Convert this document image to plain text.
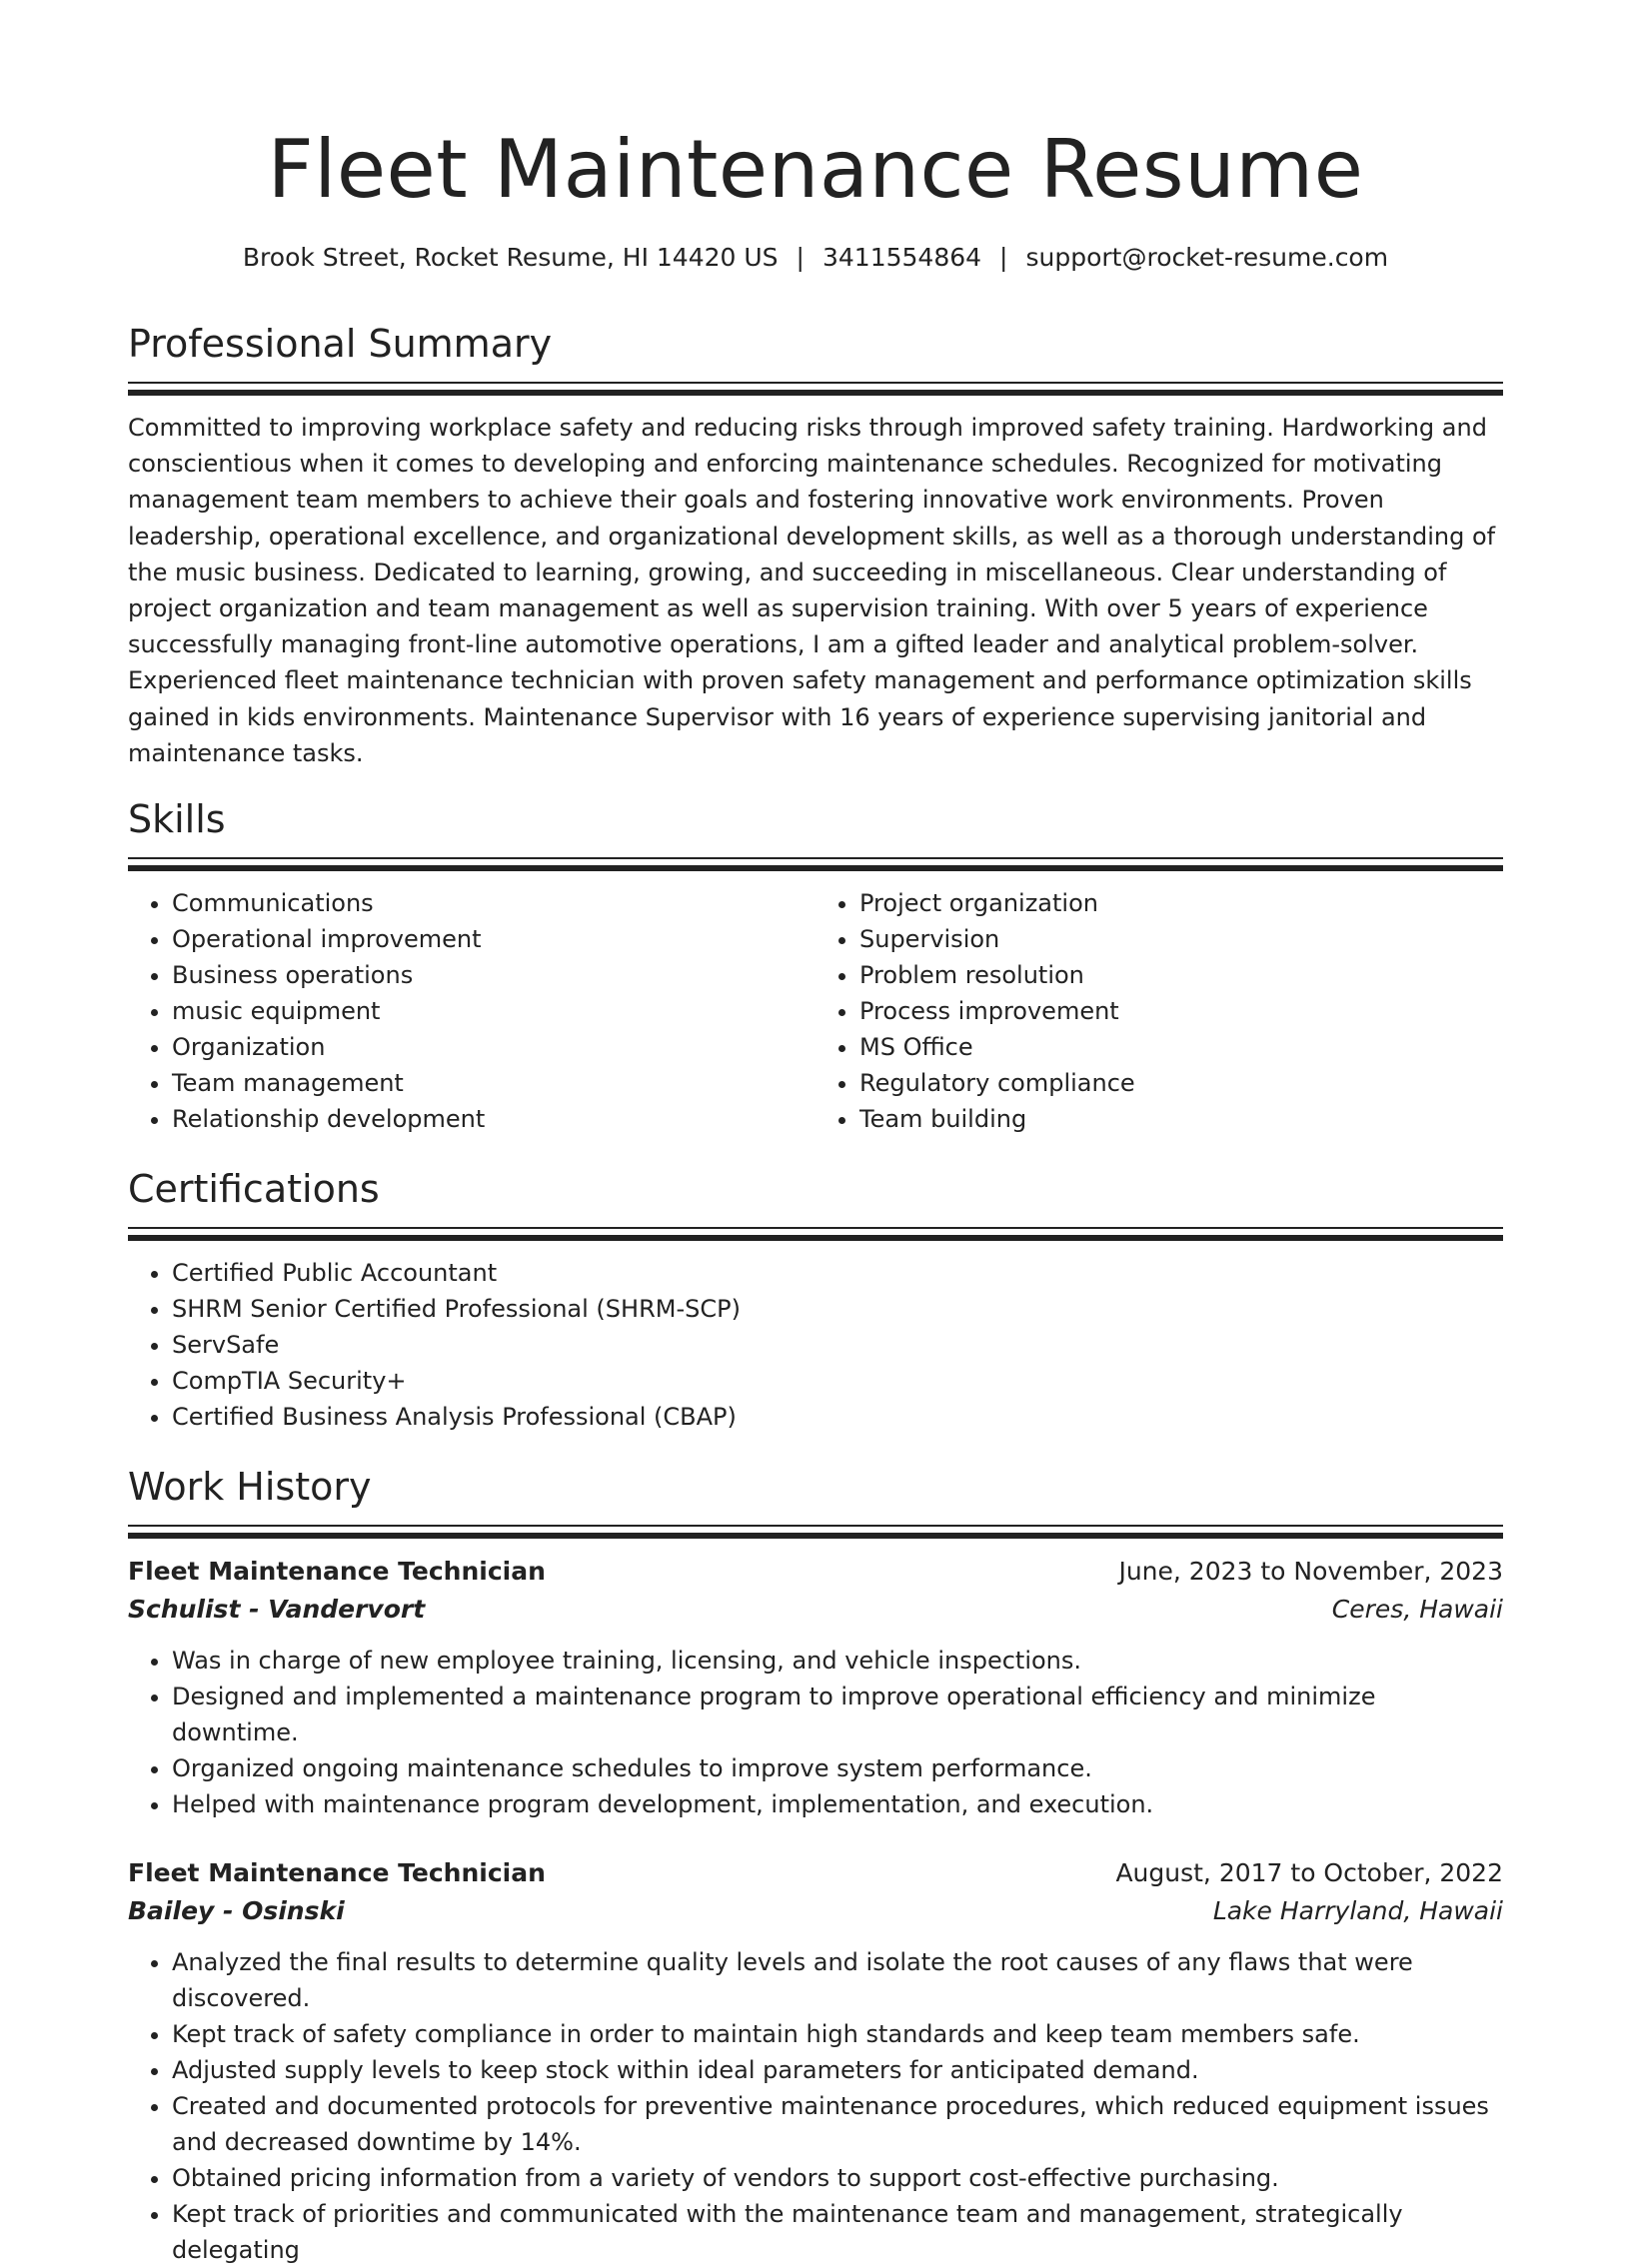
Fleet Maintenance Resume
Brook Street, Rocket Resume, HI 14420 US | 3411554864 | support@rocket-resume.com
Professional Summary

Committed to improving workplace safety and reducing risks through improved safety training. Hardworking and conscientious when it comes to developing and enforcing maintenance schedules. Recognized for motivating management team members to achieve their goals and fostering innovative work environments. Proven leadership, operational excellence, and organizational development skills, as well as a thorough understanding of the music business. Dedicated to learning, growing, and succeeding in miscellaneous. Clear understanding of project organization and team management as well as supervision training. With over 5 years of experience successfully managing front-line automotive operations, I am a gifted leader and analytical problem-solver. Experienced fleet maintenance technician with proven safety management and performance optimization skills gained in kids environments. Maintenance Supervisor with 16 years of experience supervising janitorial and maintenance tasks.

Skills
• Communications
• Operational improvement
• Business operations
• music equipment
• Organization
• Team management
• Relationship development
• Project organization
• Supervision
• Problem resolution
• Process improvement
• MS Office
• Regulatory compliance
• Team building
Certifications
• Certified Public Accountant
• SHRM Senior Certified Professional (SHRM-SCP)
• ServSafe
• CompTIA Security+
• Certified Business Analysis Professional (CBAP)
Work History
Fleet Maintenance Technician	June, 2023 to November, 2023
Schulist - Vandervort	Ceres, Hawaii
• Was in charge of new employee training, licensing, and vehicle inspections.
• Designed and implemented a maintenance program to improve operational efficiency and minimize downtime.
• Organized ongoing maintenance schedules to improve system performance.
• Helped with maintenance program development, implementation, and execution.
Fleet Maintenance Technician	August, 2017 to October, 2022
Bailey - Osinski	Lake Harryland, Hawaii
• Analyzed the final results to determine quality levels and isolate the root causes of any flaws that were discovered.
• Kept track of safety compliance in order to maintain high standards and keep team members safe.
• Adjusted supply levels to keep stock within ideal parameters for anticipated demand.
• Created and documented protocols for preventive maintenance procedures, which reduced equipment issues and decreased downtime by 14%.
• Obtained pricing information from a variety of vendors to support cost-effective purchasing.
• Kept track of priorities and communicated with the maintenance team and management, strategically delegating
